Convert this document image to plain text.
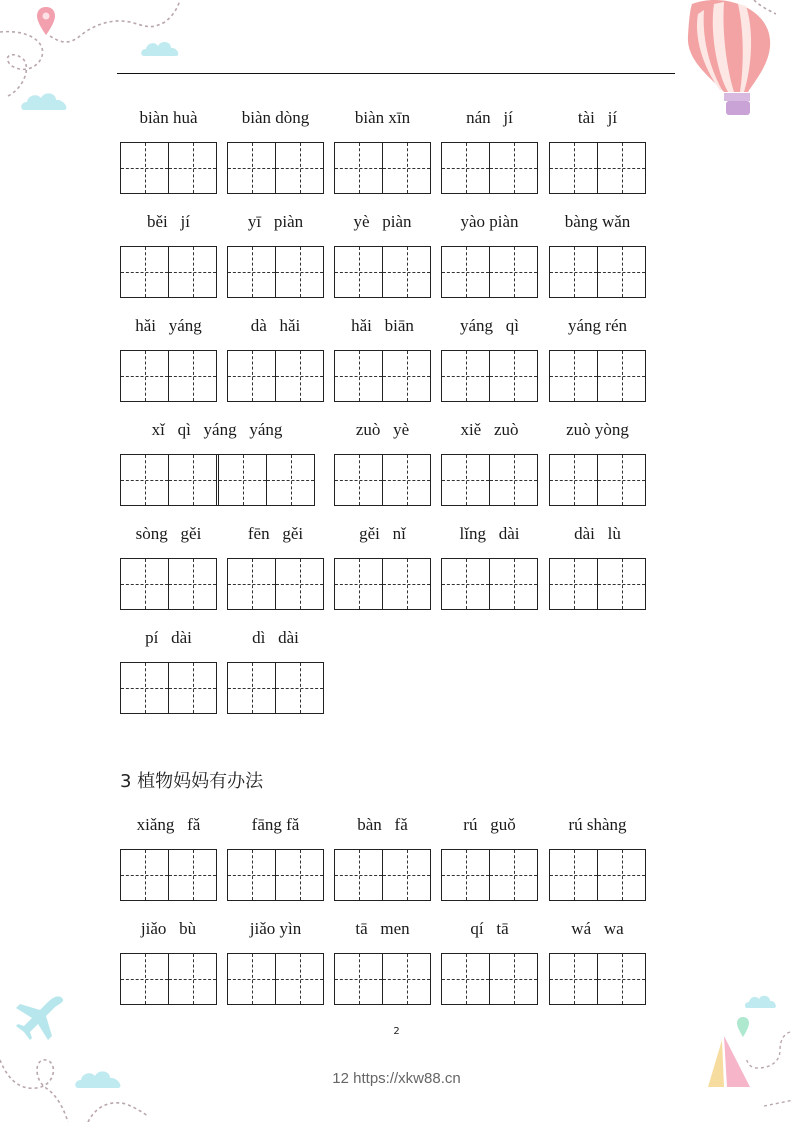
biàn huà	biàn dòng	biàn xīn	nán   jí	tài   jí
běi   jí	yī   piàn	yè   piàn	yào piàn	bàng wǎn
hǎi   yáng	dà   hǎi	hǎi   biān	yáng   qì	yáng rén
xǐ   qì   yáng   yáng	zuò   yè	xiě   zuò	zuò yòng
sòng   gěi	fēn   gěi	gěi   nǐ	lǐng   dài	dài   lù
pí   dài	dì   dài
xiǎng   fǎ	fāng fǎ	bàn   fǎ	rú   guǒ	rú shàng
jiǎo   bù	jiǎo yìn	tā   men	qí   tā	wá   wa
3 植物妈妈有办法
2
12 https://xkw88.cn
